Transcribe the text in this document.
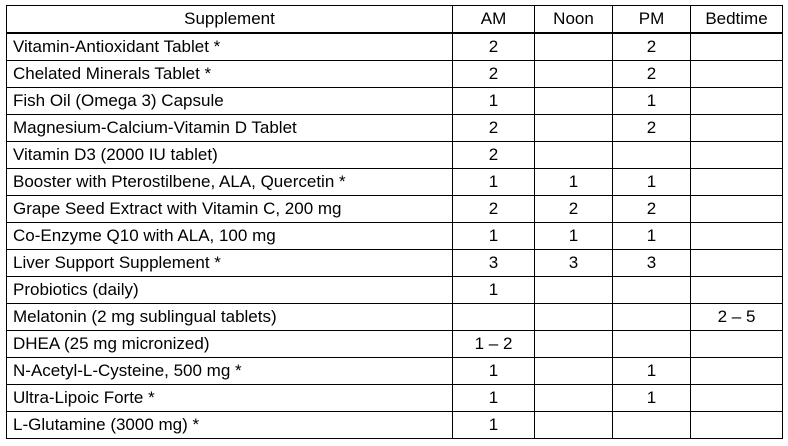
Supplement	AM	Noon	PM	Bedtime
Vitamin-Antioxidant Tablet *	2		2	
Chelated Minerals Tablet *	2		2	
Fish Oil (Omega 3) Capsule	1		1	
Magnesium-Calcium-Vitamin D Tablet	2		2	
Vitamin D3 (2000 IU tablet)	2			
Booster with Pterostilbene, ALA, Quercetin *	1	1	1	
Grape Seed Extract with Vitamin C, 200 mg	2	2	2	
Co-Enzyme Q10 with ALA, 100 mg	1	1	1	
Liver Support Supplement *	3	3	3	
Probiotics (daily)	1			
Melatonin (2 mg sublingual tablets)				2 – 5
DHEA (25 mg micronized)	1 – 2			
N-Acetyl-L-Cysteine, 500 mg *	1		1	
Ultra-Lipoic Forte *	1		1	
L-Glutamine (3000 mg) *	1			
